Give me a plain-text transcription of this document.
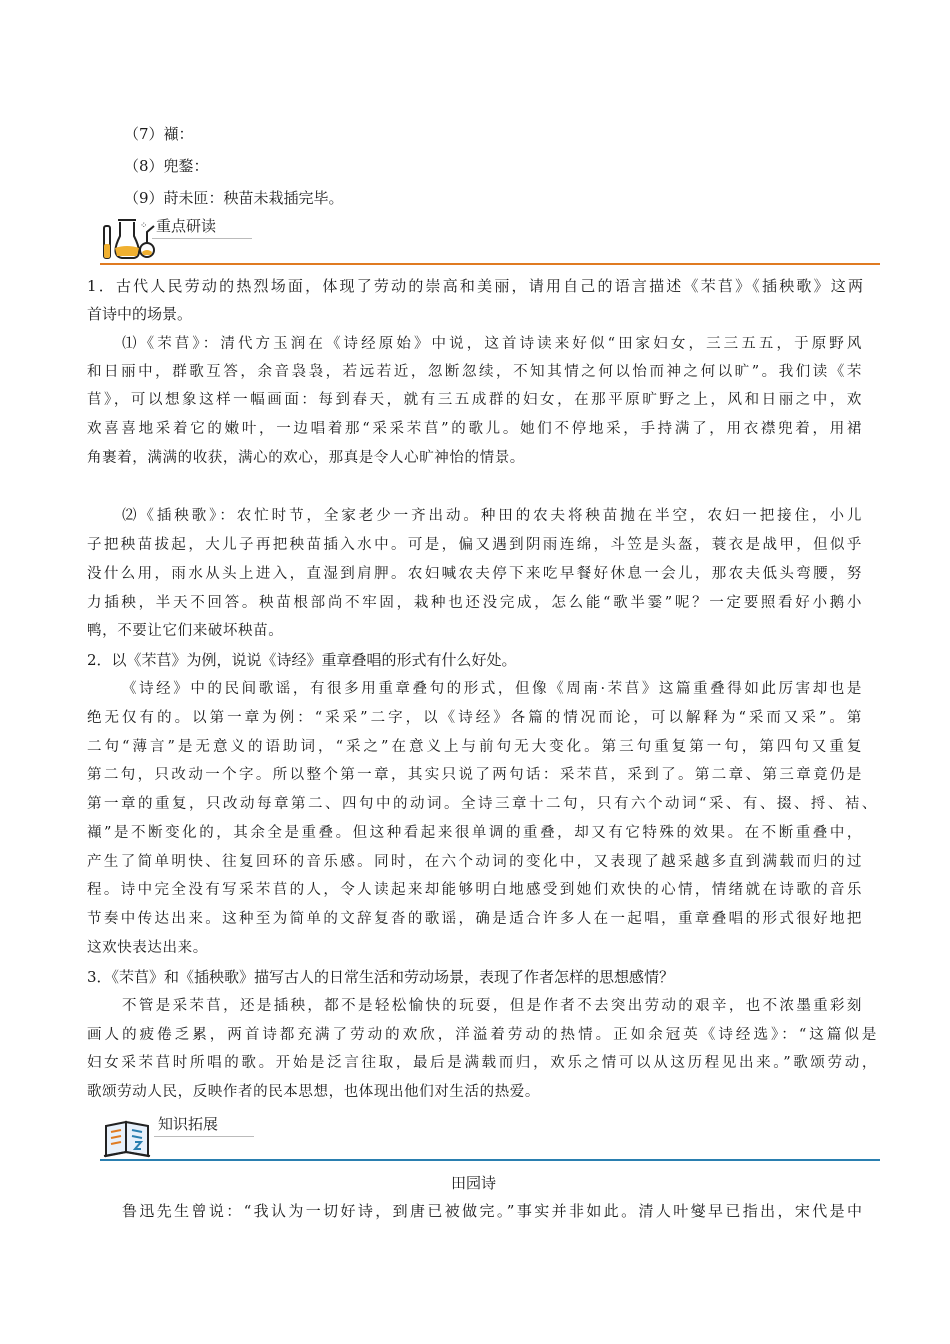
（7）襭：
（8）兜鍪：
（9）莳未匝：秧苗未栽插完毕。
⁘ 重点研读
1．古代人民劳动的热烈场面，体现了劳动的崇高和美丽，请用自己的语言描述《芣苢》《插秧歌》这两
首诗中的场景。
⑴《芣苢》：清代方玉润在《诗经原始》中说，这首诗读来好似“田家妇女，三三五五，于原野风
和日丽中，群歌互答，余音袅袅，若远若近，忽断忽续，不知其情之何以怡而神之何以旷”。我们读《芣
苢》，可以想象这样一幅画面：每到春天，就有三五成群的妇女，在那平原旷野之上，风和日丽之中，欢
欢喜喜地采着它的嫩叶，一边唱着那“采采芣苢”的歌儿。她们不停地采，手持满了，用衣襟兜着，用裙
角裹着，满满的收获，满心的欢心，那真是令人心旷神怡的情景。
⑵《插秧歌》：农忙时节，全家老少一齐出动。种田的农夫将秧苗抛在半空，农妇一把接住，小儿
子把秧苗拔起，大儿子再把秧苗插入水中。可是，偏又遇到阴雨连绵，斗笠是头盔，蓑衣是战甲，但似乎
没什么用，雨水从头上进入，直湿到肩胛。农妇喊农夫停下来吃早餐好休息一会儿，那农夫低头弯腰，努
力插秧，半天不回答。秧苗根部尚不牢固，栽种也还没完成，怎么能“歌半霎”呢？一定要照看好小鹅小
鸭，不要让它们来破坏秧苗。
2．以《芣苢》为例，说说《诗经》重章叠唱的形式有什么好处。
《诗经》中的民间歌谣，有很多用重章叠句的形式，但像《周南·芣苢》这篇重叠得如此厉害却也是
绝无仅有的。以第一章为例：“采采”二字，以《诗经》各篇的情况而论，可以解释为“采而又采”。第
二句“薄言”是无意义的语助词，“采之”在意义上与前句无大变化。第三句重复第一句，第四句又重复
第二句，只改动一个字。所以整个第一章，其实只说了两句话：采芣苢，采到了。第二章、第三章竟仍是
第一章的重复，只改动每章第二、四句中的动词。全诗三章十二句，只有六个动词“采、有、掇、捋、袺、
襭”是不断变化的，其余全是重叠。但这种看起来很单调的重叠，却又有它特殊的效果。在不断重叠中，
产生了简单明快、往复回环的音乐感。同时，在六个动词的变化中，又表现了越采越多直到满载而归的过
程。诗中完全没有写采芣苢的人，令人读起来却能够明白地感受到她们欢快的心情，情绪就在诗歌的音乐
节奏中传达出来。这种至为简单的文辞复沓的歌谣，确是适合许多人在一起唱，重章叠唱的形式很好地把
这欢快表达出来。
3．《芣苢》和《插秧歌》描写古人的日常生活和劳动场景，表现了作者怎样的思想感情？
不管是采芣苢，还是插秧，都不是轻松愉快的玩耍，但是作者不去突出劳动的艰辛，也不浓墨重彩刻
画人的疲倦乏累，两首诗都充满了劳动的欢欣，洋溢着劳动的热情。正如余冠英《诗经选》：“这篇似是
妇女采芣苢时所唱的歌。开始是泛言往取，最后是满载而归，欢乐之情可以从这历程见出来。”歌颂劳动，
歌颂劳动人民，反映作者的民本思想，也体现出他们对生活的热爱。
知识拓展
田园诗
鲁迅先生曾说：“我认为一切好诗，到唐已被做完。”事实并非如此。清人叶燮早已指出，宋代是中
